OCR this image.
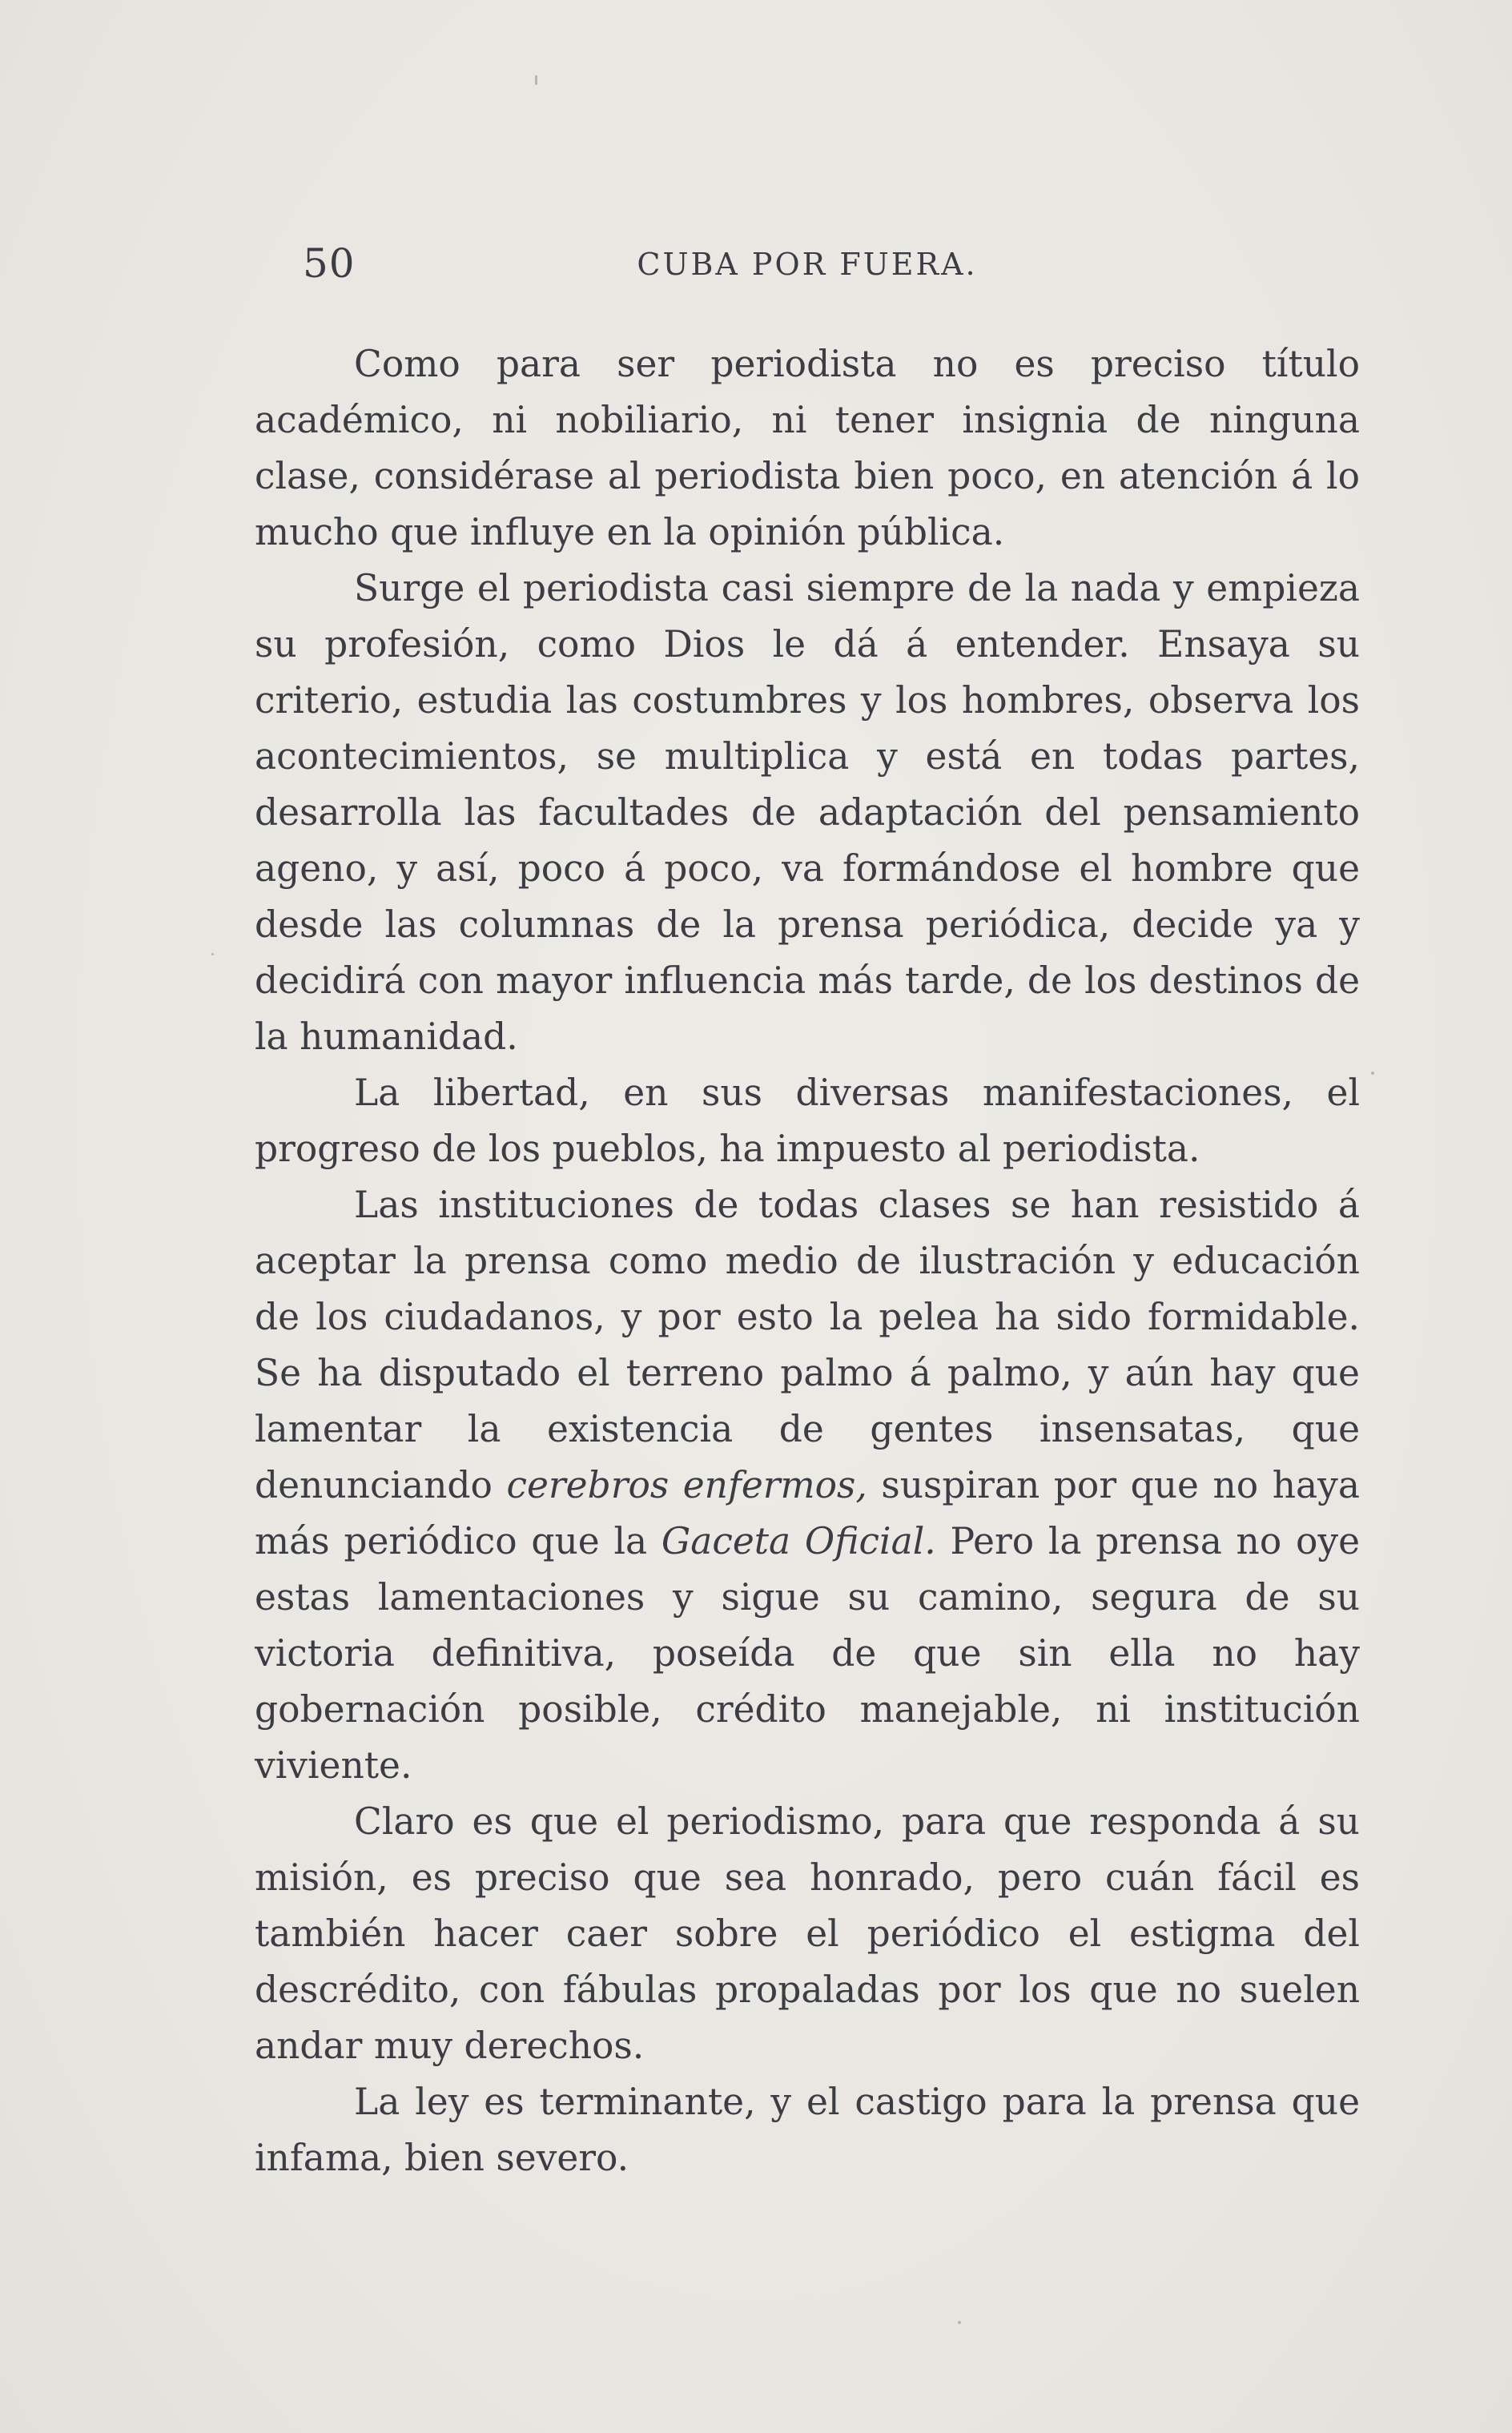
50	CUBA POR FUERA.

Como para ser periodista no es preciso título académico, ni nobiliario, ni tener insignia de ninguna clase, considérase al periodista bien poco, en atención á lo mucho que influye en la opinión pública.

Surge el periodista casi siempre de la nada y empieza su profesión, como Dios le dá á entender. Ensaya su criterio, estudia las costumbres y los hombres, observa los acontecimientos, se multiplica y está en todas partes, desarrolla las facultades de adaptación del pensamiento ageno, y así, poco á poco, va formándose el hombre que desde las columnas de la prensa periódica, decide ya y decidirá con mayor influencia más tarde, de los destinos de la humanidad.

La libertad, en sus diversas manifestaciones, el progreso de los pueblos, ha impuesto al periodista.

Las instituciones de todas clases se han resistido á aceptar la prensa como medio de ilustración y educación de los ciudadanos, y por esto la pelea ha sido formidable. Se ha disputado el terreno palmo á palmo, y aún hay que lamentar la existencia de gentes insensatas, que denunciando cerebros enfermos, suspiran por que no haya más periódico que la Gaceta Oficial. Pero la prensa no oye estas lamentaciones y sigue su camino, segura de su victoria definitiva, poseída de que sin ella no hay gobernación posible, crédito manejable, ni institución viviente.

Claro es que el periodismo, para que responda á su misión, es preciso que sea honrado, pero cuán fácil es también hacer caer sobre el periódico el estigma del descrédito, con fábulas propaladas por los que no suelen andar muy derechos.

La ley es terminante, y el castigo para la prensa que infama, bien severo.
